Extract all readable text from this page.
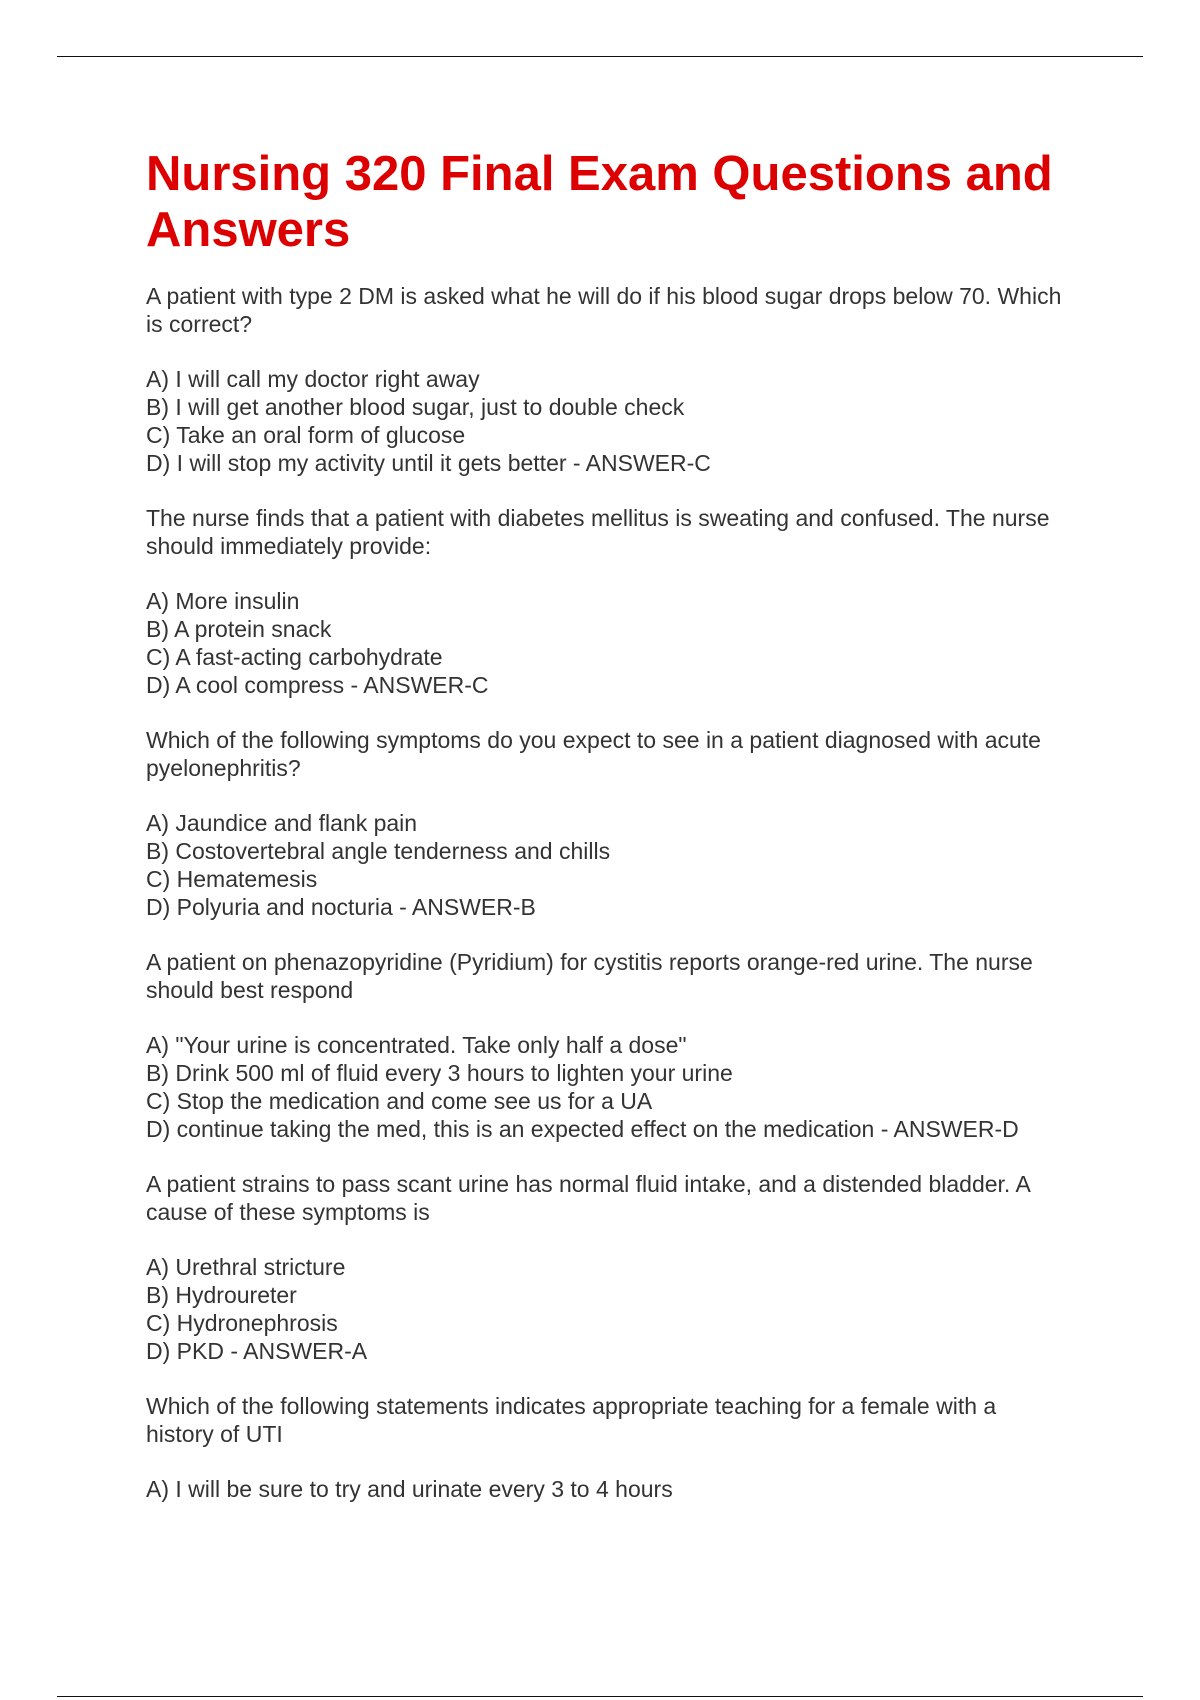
Nursing 320 Final Exam Questions and Answers

A patient with type 2 DM is asked what he will do if his blood sugar drops below 70. Which is correct?

A) I will call my doctor right away
B) I will get another blood sugar, just to double check
C) Take an oral form of glucose
D) I will stop my activity until it gets better - ANSWER-C

The nurse finds that a patient with diabetes mellitus is sweating and confused. The nurse should immediately provide:

A) More insulin
B) A protein snack
C) A fast-acting carbohydrate
D) A cool compress - ANSWER-C

Which of the following symptoms do you expect to see in a patient diagnosed with acute pyelonephritis?

A) Jaundice and flank pain
B) Costovertebral angle tenderness and chills
C) Hematemesis
D) Polyuria and nocturia - ANSWER-B

A patient on phenazopyridine (Pyridium) for cystitis reports orange-red urine. The nurse should best respond

A) "Your urine is concentrated. Take only half a dose"
B) Drink 500 ml of fluid every 3 hours to lighten your urine
C) Stop the medication and come see us for a UA
D) continue taking the med, this is an expected effect on the medication - ANSWER-D

A patient strains to pass scant urine has normal fluid intake, and a distended bladder. A cause of these symptoms is

A) Urethral stricture
B) Hydroureter
C) Hydronephrosis
D) PKD - ANSWER-A

Which of the following statements indicates appropriate teaching for a female with a history of UTI

A) I will be sure to try and urinate every 3 to 4 hours
